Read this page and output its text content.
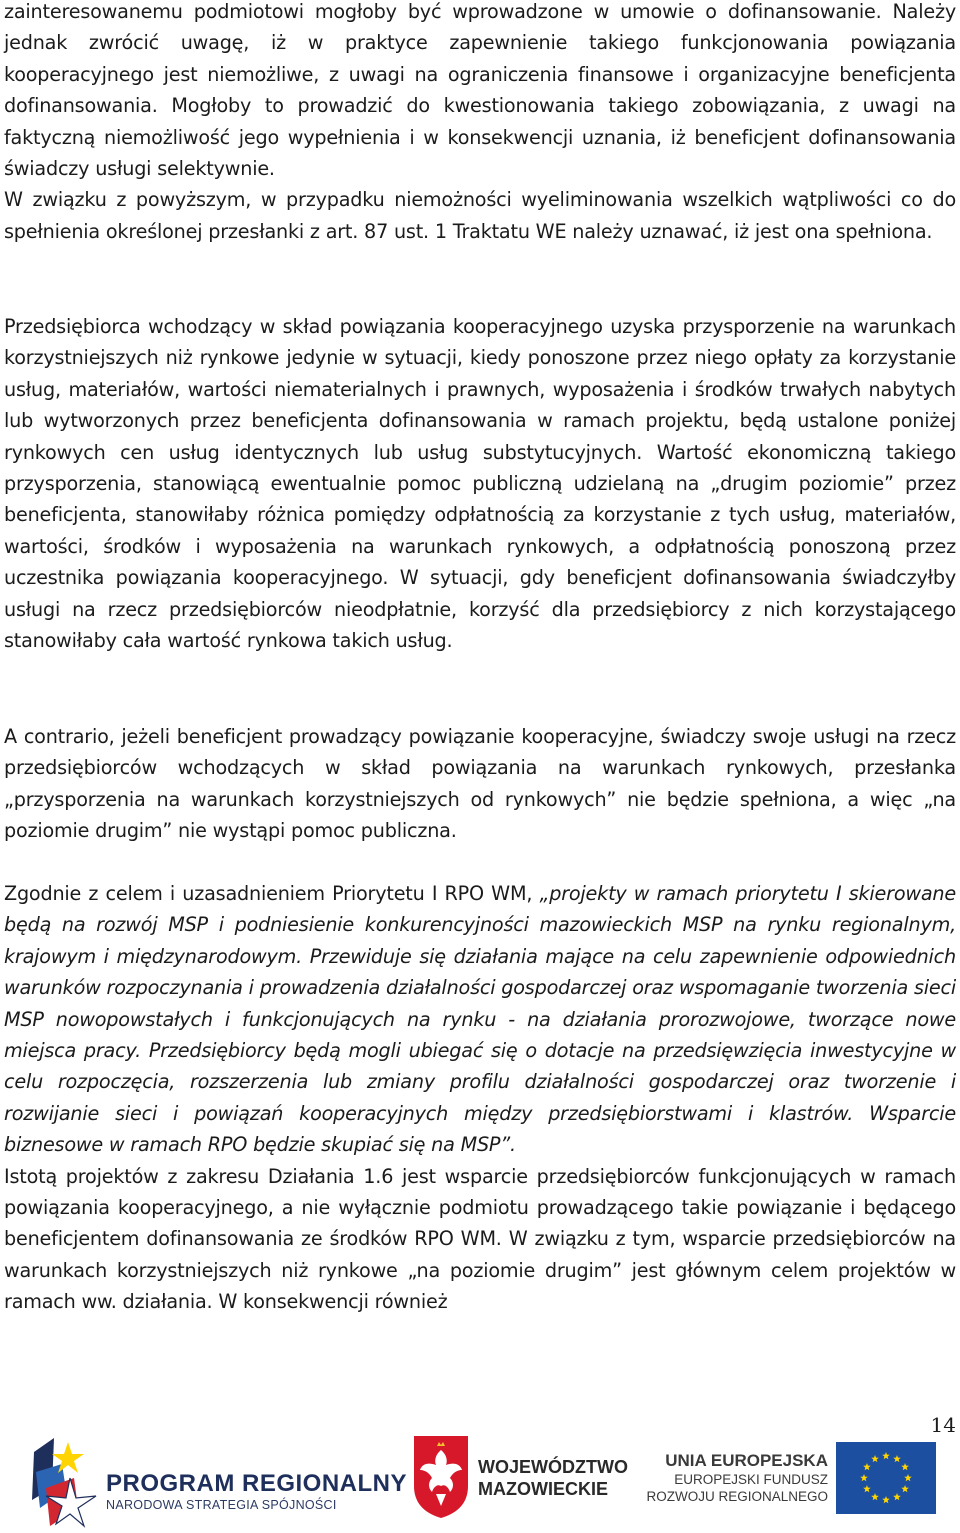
zainteresowanemu podmiotowi mogłoby być wprowadzone w umowie o dofinansowanie. Należy jednak zwrócić uwagę, iż w praktyce zapewnienie takiego funkcjonowania powiązania kooperacyjnego jest niemożliwe, z uwagi na ograniczenia finansowe i organizacyjne beneficjenta dofinansowania. Mogłoby to prowadzić do kwestionowania takiego zobowiązania, z uwagi na faktyczną niemożliwość jego wypełnienia i w konsekwencji uznania, iż beneficjent dofinansowania świadczy usługi selektywnie.

W związku z powyższym, w przypadku niemożności wyeliminowania wszelkich wątpliwości co do spełnienia określonej przesłanki z art. 87 ust. 1 Traktatu WE należy uznawać, iż jest ona spełniona.

Przedsiębiorca wchodzący w skład powiązania kooperacyjnego uzyska przysporzenie na warunkach korzystniejszych niż rynkowe jedynie w sytuacji, kiedy ponoszone przez niego opłaty za korzystanie usług, materiałów, wartości niematerialnych i prawnych, wyposażenia i środków trwałych nabytych lub wytworzonych przez beneficjenta dofinansowania w ramach projektu, będą ustalone poniżej rynkowych cen usług identycznych lub usług substytucyjnych. Wartość ekonomiczną takiego przysporzenia, stanowiącą ewentualnie pomoc publiczną udzielaną na „drugim poziomie” przez beneficjenta, stanowiłaby różnica pomiędzy odpłatnością za korzystanie z tych usług, materiałów, wartości, środków i wyposażenia na warunkach rynkowych, a odpłatnością ponoszoną przez uczestnika powiązania kooperacyjnego. W sytuacji, gdy beneficjent dofinansowania świadczyłby usługi na rzecz przedsiębiorców nieodpłatnie, korzyść dla przedsiębiorcy z nich korzystającego stanowiłaby cała wartość rynkowa takich usług.

A contrario, jeżeli beneficjent prowadzący powiązanie kooperacyjne, świadczy swoje usługi na rzecz przedsiębiorców wchodzących w skład powiązania na warunkach rynkowych, przesłanka „przysporzenia na warunkach korzystniejszych od rynkowych” nie będzie spełniona, a więc „na poziomie drugim” nie wystąpi pomoc publiczna.

Zgodnie z celem i uzasadnieniem Priorytetu I RPO WM, „projekty w ramach priorytetu I skierowane będą na rozwój MSP i podniesienie konkurencyjności mazowieckich MSP na rynku regionalnym, krajowym i międzynarodowym. Przewiduje się działania mające na celu zapewnienie odpowiednich warunków rozpoczynania i prowadzenia działalności gospodarczej oraz wspomaganie tworzenia sieci MSP nowopowstałych i funkcjonujących na rynku - na działania prorozwojowe, tworzące nowe miejsca pracy. Przedsiębiorcy będą mogli ubiegać się o dotacje na przedsięwzięcia inwestycyjne w celu rozpoczęcia, rozszerzenia lub zmiany profilu działalności gospodarczej oraz tworzenie i rozwijanie sieci i powiązań kooperacyjnych między przedsiębiorstwami i klastrów. Wsparcie biznesowe w ramach RPO będzie skupiać się na MSP”.

Istotą projektów z zakresu Działania 1.6 jest wsparcie przedsiębiorców funkcjonujących w ramach powiązania kooperacyjnego, a nie wyłącznie podmiotu prowadzącego takie powiązanie i będącego beneficjentem dofinansowania ze środków RPO WM. W związku z tym, wsparcie przedsiębiorców na warunkach korzystniejszych niż rynkowe „na poziomie drugim” jest głównym celem projektów w ramach ww. działania. W konsekwencji również

14
PROGRAM REGIONALNY
NARODOWA STRATEGIA SPÓJNOŚCI
WOJEWÓDZTWO
MAZOWIECKIE
UNIA EUROPEJSKA
EUROPEJSKI FUNDUSZ
ROZWOJU REGIONALNEGO
